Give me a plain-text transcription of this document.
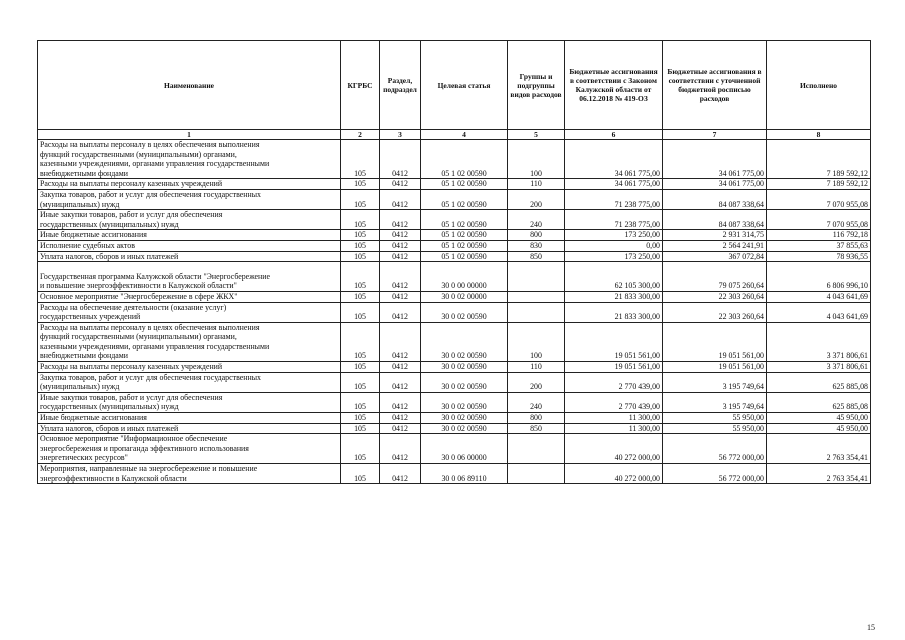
Наименование	КГРБС	Раздел, подраздел	Целевая статья	Группы и подгруппы видов расходов	Бюджетные ассигнования в соответствии с Законом Калужской области от 06.12.2018 № 419-ОЗ	Бюджетные ассигнования в соответствии с уточненной бюджетной росписью расходов	Исполнено
1	2	3	4	5	6	7	8
Расходы на выплаты персоналу в целях обеспечения выполнения
функций государственными (муниципальными) органами,
казенными учреждениями, органами управления государственными
внебюджетными фондами	105	0412	05 1 02 00590	100	34 061 775,00	34 061 775,00	7 189 592,12
Расходы на выплаты персоналу казенных учреждений	105	0412	05 1 02 00590	110	34 061 775,00	34 061 775,00	7 189 592,12
Закупка товаров, работ и услуг для обеспечения государственных
(муниципальных) нужд	105	0412	05 1 02 00590	200	71 238 775,00	84 087 338,64	7 070 955,08
Иные закупки товаров, работ и услуг для обеспечения
государственных (муниципальных) нужд	105	0412	05 1 02 00590	240	71 238 775,00	84 087 338,64	7 070 955,08
Иные бюджетные ассигнования	105	0412	05 1 02 00590	800	173 250,00	2 931 314,75	116 792,18
Исполнение судебных актов	105	0412	05 1 02 00590	830	0,00	2 564 241,91	37 855,63
Уплата налогов, сборов и иных платежей	105	0412	05 1 02 00590	850	173 250,00	367 072,84	78 936,55

Государственная программа Калужской области "Энергосбережение
и повышение энергоэффективности в Калужской области"	105	0412	30 0 00 00000		62 105 300,00	79 075 260,64	6 806 996,10
Основное мероприятие "Энергосбережение в сфере ЖКХ"	105	0412	30 0 02 00000		21 833 300,00	22 303 260,64	4 043 641,69
Расходы на обеспечение деятельности (оказание услуг)
государственных учреждений	105	0412	30 0 02 00590		21 833 300,00	22 303 260,64	4 043 641,69
Расходы на выплаты персоналу в целях обеспечения выполнения
функций государственными (муниципальными) органами,
казенными учреждениями, органами управления государственными
внебюджетными фондами	105	0412	30 0 02 00590	100	19 051 561,00	19 051 561,00	3 371 806,61
Расходы на выплаты персоналу казенных учреждений	105	0412	30 0 02 00590	110	19 051 561,00	19 051 561,00	3 371 806,61
Закупка товаров, работ и услуг для обеспечения государственных
(муниципальных) нужд	105	0412	30 0 02 00590	200	2 770 439,00	3 195 749,64	625 885,08
Иные закупки товаров, работ и услуг для обеспечения
государственных (муниципальных) нужд	105	0412	30 0 02 00590	240	2 770 439,00	3 195 749,64	625 885,08
Иные бюджетные ассигнования	105	0412	30 0 02 00590	800	11 300,00	55 950,00	45 950,00
Уплата налогов, сборов и иных платежей	105	0412	30 0 02 00590	850	11 300,00	55 950,00	45 950,00
Основное мероприятие "Информационное обеспечение
энергосбережения и пропаганда эффективного использования
энергетических ресурсов"	105	0412	30 0 06 00000		40 272 000,00	56 772 000,00	2 763 354,41
Мероприятия, направленные на энергосбережение и повышение
энергоэффективности в Калужской области	105	0412	30 0 06 89110		40 272 000,00	56 772 000,00	2 763 354,41
15
